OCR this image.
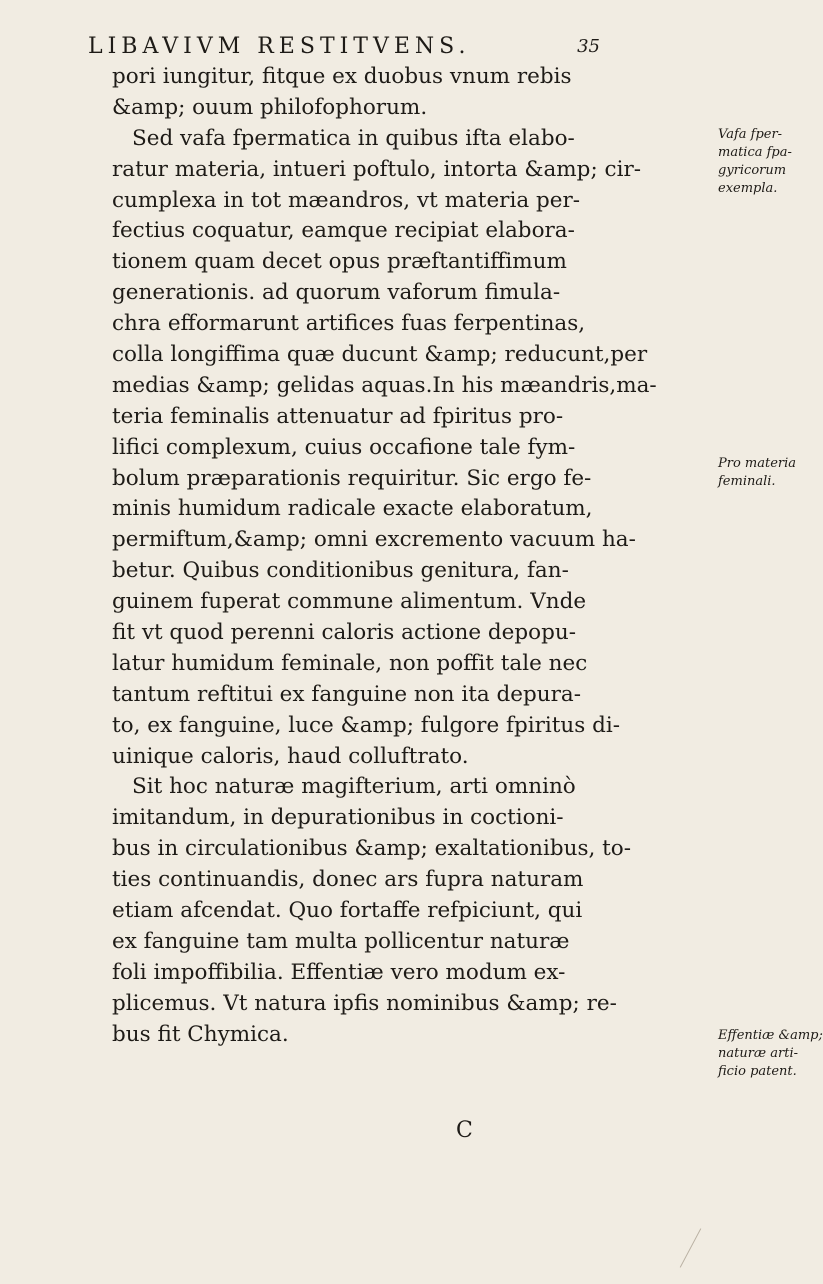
LIBAVIVM RESTITVENS.	35
pori iungitur, fitque ex duobus vnum rebis
&amp; ouum philofophorum.
Sed vafa fpermatica in quibus ifta elabo-
ratur materia, intueri poftulo, intorta &amp; cir-
cumplexa in tot mæandros, vt materia per-
fectius coquatur, eamque recipiat elabora-
tionem quam decet opus præftantiffimum
generationis. ad quorum vaforum fimula-
chra efformarunt artifices fuas ferpentinas,
colla longiffima quæ ducunt &amp; reducunt,per
medias &amp; gelidas aquas.In his mæandris,ma-
teria feminalis attenuatur ad fpiritus pro-
lifici complexum, cuius occafione tale fym-
bolum præparationis requiritur. Sic ergo fe-
minis humidum radicale exacte elaboratum,
permiftum,&amp; omni excremento vacuum ha-
betur. Quibus conditionibus genitura, fan-
guinem fuperat commune alimentum. Vnde
fit vt quod perenni caloris actione depopu-
latur humidum feminale, non poffit tale nec
tantum reftitui ex fanguine non ita depura-
to, ex fanguine, luce &amp; fulgore fpiritus di-
uinique caloris, haud colluftrato.
Sit hoc naturæ magifterium, arti omninò
imitandum, in depurationibus in coctioni-
bus in circulationibus &amp; exaltationibus, to-
ties continuandis, donec ars fupra naturam
etiam afcendat. Quo fortaffe refpiciunt, qui
ex fanguine tam multa pollicentur naturæ
foli impoffibilia. Effentiæ vero modum ex-
plicemus. Vt natura ipfis nominibus &amp; re-
bus fit Chymica.
Vafa fper-
matica fpa-
gyricorum
exempla.
Pro materia
feminali.
Effentiæ &amp;
naturæ arti-
ficio patent.
C
